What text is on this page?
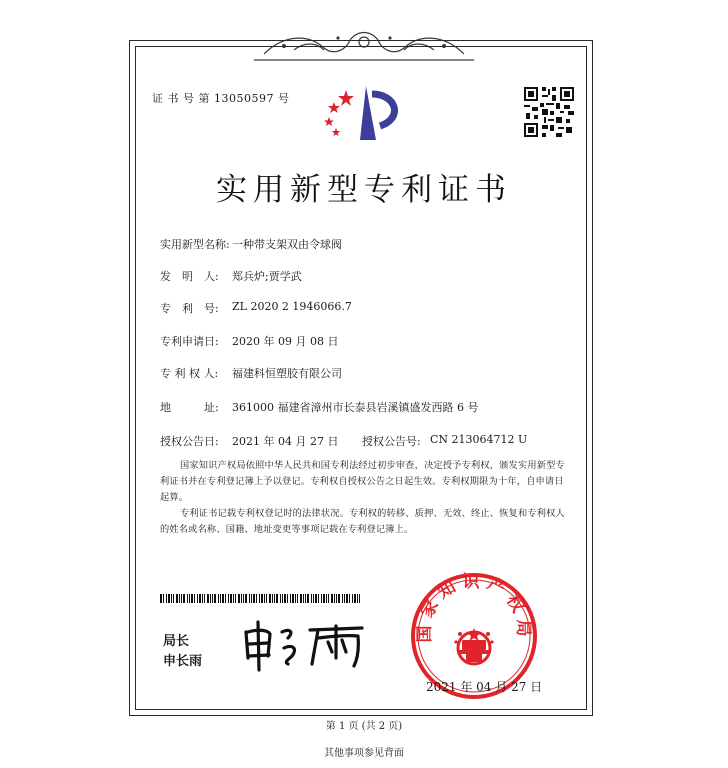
证 书 号 第 13050597 号
实用新型专利证书
实用新型名称: 一种带支架双由令球阀
发　明　人: 郑兵炉;贾学武
专　利　号: ZL 2020 2 1946066.7
专利申请日: 2020 年 09 月 08 日
专 利 权 人: 福建科恒塑胶有限公司
地　　　址: 361000 福建省漳州市长泰县岩溪镇盛发西路 6 号
授权公告日: 2021 年 04 月 27 日 授权公告号: CN 213064712 U
国家知识产权局依照中华人民共和国专利法经过初步审查，决定授予专利权，颁发实用新型专利证书并在专利登记簿上予以登记。专利权自授权公告之日起生效。专利权期限为十年，自申请日起算。
专利证书记载专利权登记时的法律状况。专利权的转移、质押、无效、终止、恢复和专利权人的姓名或名称、国籍、地址变更等事项记载在专利登记簿上。
局长
申长雨
国家知识产权局
2021 年 04 月 27 日
第 1 页 (共 2 页)
其他事项参见背面
